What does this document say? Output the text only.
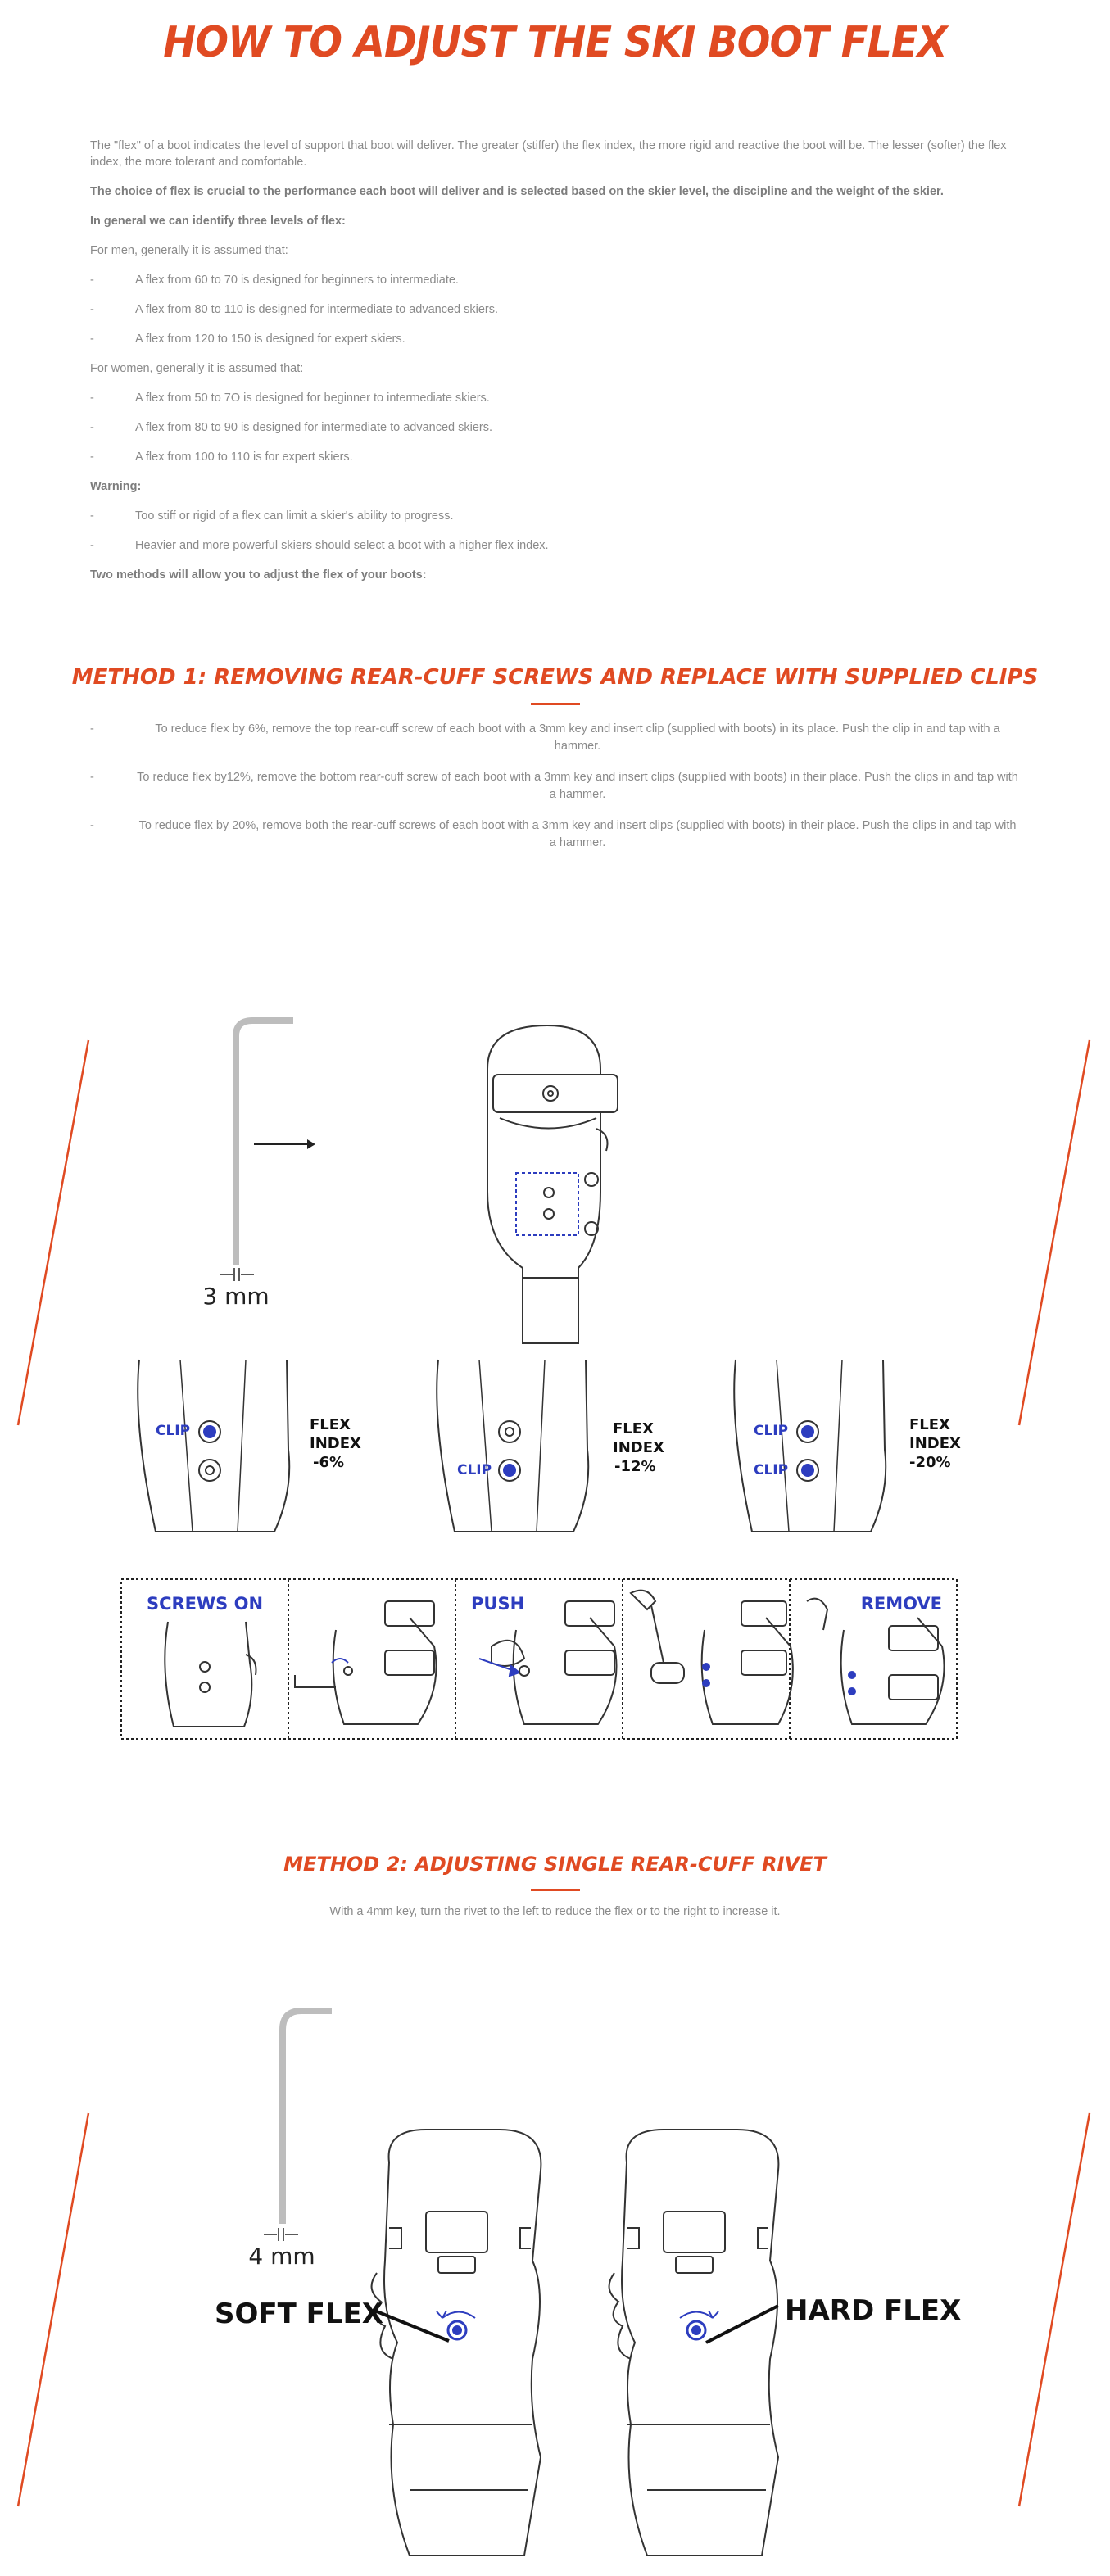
HOW TO ADJUST THE SKI BOOT FLEX

The "flex" of a boot indicates the level of support that boot will deliver. The greater (stiffer) the flex index, the more rigid and reactive the boot will be. The lesser (softer) the flex index, the more tolerant and comfortable.

The choice of flex is crucial to the performance each boot will deliver and is selected based on the skier level, the discipline and the weight of the skier.

In general we can identify three levels of flex:

For men, generally it is assumed that:

-	A flex from 60 to 70 is designed for beginners to intermediate.
-	A flex from 80 to 110 is designed for intermediate to advanced skiers.
-	A flex from 120 to 150 is designed for expert skiers.

For women, generally it is assumed that:

-	A flex from 50 to 7O is designed for beginner to intermediate skiers.
-	A flex from 80 to 90 is designed for intermediate to advanced skiers.
-	A flex from 100 to 110 is for expert skiers.

Warning:

-	Too stiff or rigid of a flex can limit a skier's ability to progress.
-	Heavier and more powerful skiers should select a boot with a higher flex index.

Two methods will allow you to adjust the flex of your boots:

METHOD 1: REMOVING REAR-CUFF SCREWS AND REPLACE WITH SUPPLIED CLIPS
-	To reduce flex by 6%, remove the top rear-cuff screw of each boot with a 3mm key and insert clip (supplied with boots) in its place. Push the clip in and tap with a hammer.
-	To reduce flex by12%, remove the bottom rear-cuff screw of each boot with a 3mm key and insert clips (supplied with boots) in their place. Push the clips in and tap with a hammer.
-	To reduce flex by 20%, remove both the rear-cuff screws of each boot with a 3mm key and insert clips (supplied with boots) in their place. Push the clips in and tap with a hammer.
3 mm
CLIP	FLEX
INDEX
-6%	CLIP
FLEX
INDEX
-12%
CLIP
CLIP
FLEX
INDEX
-20%
SCREWS ON	PUSH	REMOVE
METHOD 2: ADJUSTING SINGLE REAR-CUFF RIVET
With a 4mm key, turn the rivet to the left to reduce the flex or to the right to increase it.
4 mm
SOFT FLEX	HARD FLEX
